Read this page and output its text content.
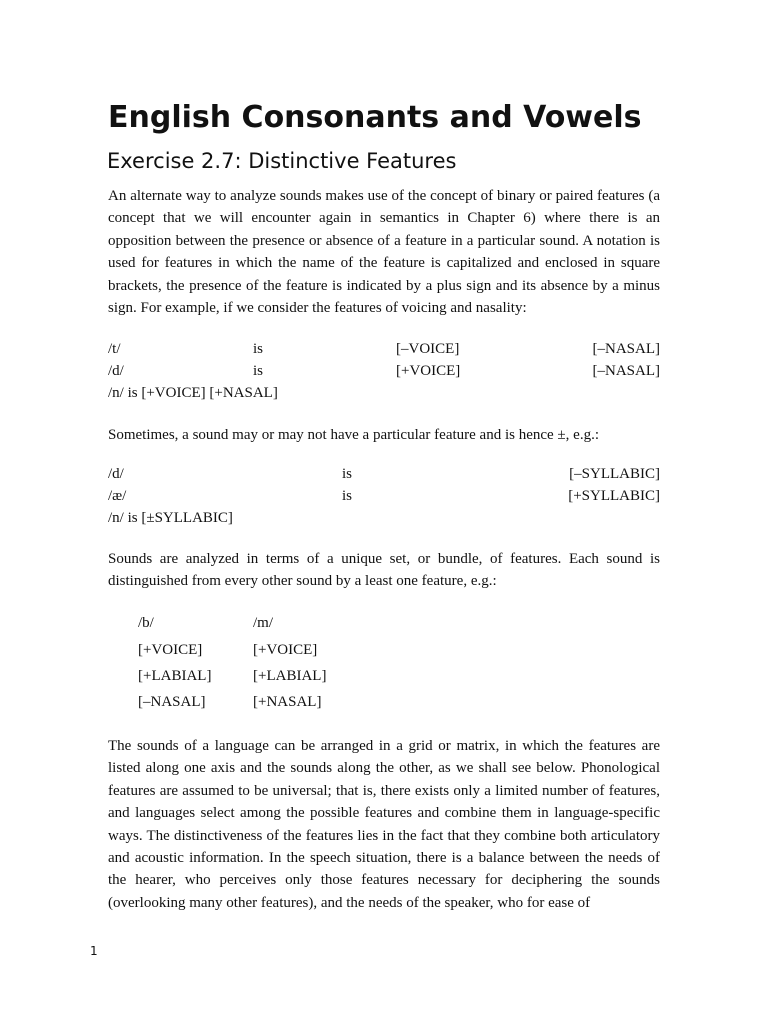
English Consonants and Vowels
Exercise 2.7: Distinctive Features

An alternate way to analyze sounds makes use of the concept of binary or paired features (a concept that we will encounter again in semantics in Chapter 6) where there is an opposition between the presence or absence of a feature in a particular sound. A notation is used for features in which the name of the feature is capitalized and enclosed in square brackets, the presence of the feature is indicated by a plus sign and its absence by a minus sign. For example, if we consider the features of voicing and nasality:

/t/	is	[–VOICE]	[–NASAL]
/d/	is	[+VOICE]	[–NASAL]
/n/ is [+VOICE] [+NASAL]

Sometimes, a sound may or may not have a particular feature and is hence ±, e.g.:

/d/	is	[–SYLLABIC]
/æ/	is	[+SYLLABIC]
/n/ is [±SYLLABIC]

Sounds are analyzed in terms of a unique set, or bundle, of features. Each sound is distinguished from every other sound by a least one feature, e.g.:

/b/	/m/
[+VOICE]	[+VOICE]
[+LABIAL]	[+LABIAL]
[–NASAL]	[+NASAL]

The sounds of a language can be arranged in a grid or matrix, in which the features are listed along one axis and the sounds along the other, as we shall see below. Phonological features are assumed to be universal; that is, there exists only a limited number of features, and languages select among the possible features and combine them in language-specific ways. The distinctiveness of the features lies in the fact that they combine both articulatory and acoustic information. In the speech situation, there is a balance between the needs of the hearer, who perceives only those features necessary for deciphering the sounds (overlooking many other features), and the needs of the speaker, who for ease of

1
